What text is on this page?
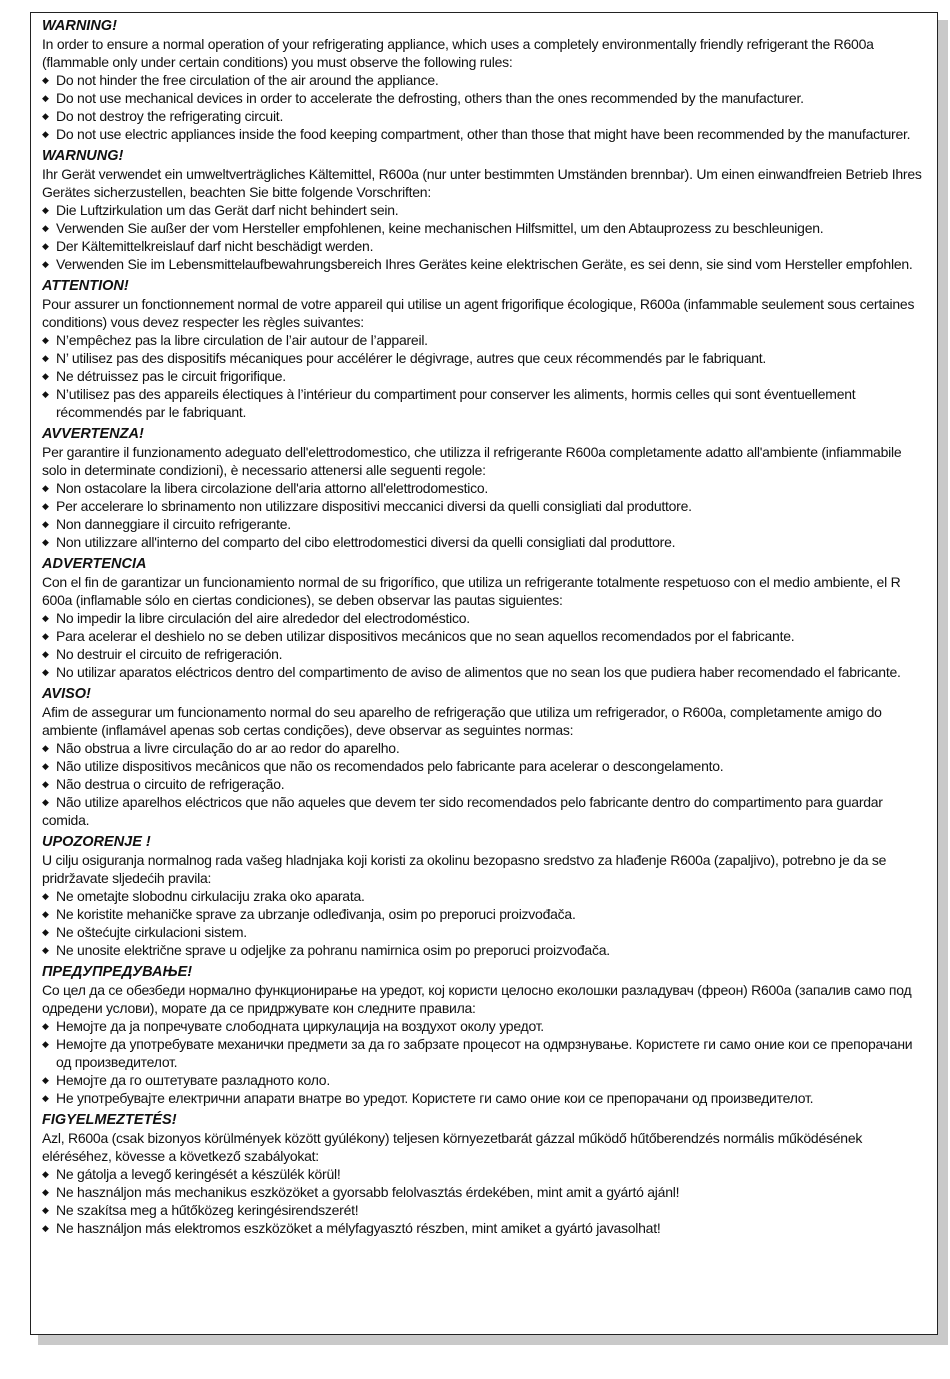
WARNING!
In order to ensure a normal operation of your refrigerating appliance, which uses a completely environmentally friendly refrigerant the R600a (flammable only under certain conditions) you must observe the following rules:
◆ Do not hinder the free circulation of the air around the appliance.
◆ Do not use mechanical devices in order to accelerate the defrosting, others than the ones recommended by the manufacturer.
◆ Do not destroy the refrigerating circuit.
◆ Do not use electric appliances inside the food keeping compartment, other than those that might have been recommended by the manufacturer.
WARNUNG!
Ihr Gerät verwendet ein umweltverträgliches Kältemittel, R600a (nur unter bestimmten Umständen brennbar). Um einen einwandfreien Betrieb Ihres Gerätes sicherzustellen, beachten Sie bitte folgende Vorschriften:
◆ Die Luftzirkulation um das Gerät darf nicht behindert sein.
◆ Verwenden Sie außer der vom Hersteller empfohlenen, keine mechanischen Hilfsmittel, um den Abtauprozess zu beschleunigen.
◆ Der Kältemittelkreislauf darf nicht beschädigt werden.
◆ Verwenden Sie im Lebensmittelaufbewahrungsbereich Ihres Gerätes keine elektrischen Geräte, es sei denn, sie sind vom Hersteller empfohlen.
ATTENTION!
Pour assurer un fonctionnement normal de votre appareil qui utilise un agent frigorifique écologique, R600a (infammable seulement sous certaines conditions) vous devez respecter les règles suivantes:
◆ N’empêchez pas la libre circulation de l’air autour de l’appareil.
◆ N’ utilisez pas des dispositifs mécaniques pour accélérer le dégivrage, autres que ceux récommendés par le fabriquant.
◆ Ne détruissez pas le circuit frigorifique.
◆ N’utilisez pas des appareils électiques à l’intérieur du compartiment pour conserver les aliments, hormis celles qui sont éventuellement récommendés par le fabriquant.
AVVERTENZA!
Per garantire il funzionamento adeguato dell'elettrodomestico, che utilizza il refrigerante R600a completamente adatto all'ambiente (infiammabile solo in determinate condizioni), è necessario attenersi alle seguenti regole:
◆ Non ostacolare la libera circolazione dell'aria attorno all'elettrodomestico.
◆ Per accelerare lo sbrinamento non utilizzare dispositivi meccanici diversi da quelli consigliati dal produttore.
◆ Non danneggiare il circuito refrigerante.
◆ Non utilizzare all'interno del comparto del cibo elettrodomestici diversi da quelli consigliati dal produttore.
ADVERTENCIA
Con el fin de garantizar un funcionamiento normal de su frigorífico, que utiliza un refrigerante totalmente respetuoso con el medio ambiente, el R 600a (inflamable sólo en ciertas condiciones), se deben observar las pautas siguientes:
◆ No impedir la libre circulación del aire alrededor del electrodoméstico.
◆ Para acelerar el deshielo no se deben utilizar dispositivos mecánicos que no sean aquellos recomendados por el fabricante.
◆ No destruir el circuito de refrigeración.
◆ No utilizar aparatos eléctricos dentro del compartimento de aviso de alimentos que no sean los que pudiera haber recomendado el fabricante.
AVISO!
Afim de assegurar um funcionamento normal do seu aparelho de refrigeração que utiliza um refrigerador, o R600a, completamente amigo do ambiente (inflamável apenas sob certas condições), deve observar as seguintes normas:
◆ Não obstrua a livre circulação do ar ao redor do aparelho.
◆ Não utilize dispositivos mecânicos que não os recomendados pelo fabricante para acelerar o descongelamento.
◆ Não destrua o circuito de refrigeração.
◆ Não utilize aparelhos eléctricos que não aqueles que devem ter sido recomendados pelo fabricante dentro do compartimento para guardar comida.
UPOZORENJE !
U cilju osiguranja normalnog rada vašeg hladnjaka koji koristi za okolinu bezopasno sredstvo za hlađenje R600a (zapaljivo), potrebno je da se pridržavate sljedećih pravila:
◆ Ne ometajte slobodnu cirkulaciju zraka oko aparata.
◆ Ne koristite mehaničke sprave za ubrzanje odleđivanja, osim po preporuci proizvođača.
◆ Ne oštećujte cirkulacioni sistem.
◆ Ne unosite električne sprave u odjeljke za pohranu namirnica osim po preporuci proizvođača.
ПРЕДУПРЕДУВАЊЕ!
Со цел да се обезбеди нормално функционирање на уредот, кој користи целосно еколошки разладувач (фреон) R600a (запалив само под одредени услови), морате да се придржувате кон следните правила:
◆ Немојте да ја попречувате слободната циркулација на воздухот околу уредот.
◆ Немојте да употребувате механички предмети за да го забрзате процесот на одмрзнување. Користете ги само оние кои се препорачани од произведителот.
◆ Немојте да го оштетувате разладното коло.
◆ Не употребувајте електрични апарати внатре во уредот. Користете ги само оние кои се препорачани од произведителот.
FIGYELMEZTETÉS!
Azl, R600a (csak bizonyos körülmények között gyúlékony) teljesen környezetbarát gázzal működő hűtőberendzés normális működésének eléréséhez, kövesse a következő szabályokat:
◆ Ne gátolja a levegő keringését a készülék körül!
◆ Ne használjon más mechanikus eszközöket a gyorsabb felolvasztás érdekében, mint amit a gyártó ajánl!
◆ Ne szakítsa meg a hűtőközeg keringésirendszerét!
◆ Ne használjon más elektromos eszközöket a mélyfagyasztó részben, mint amiket a gyártó javasolhat!
